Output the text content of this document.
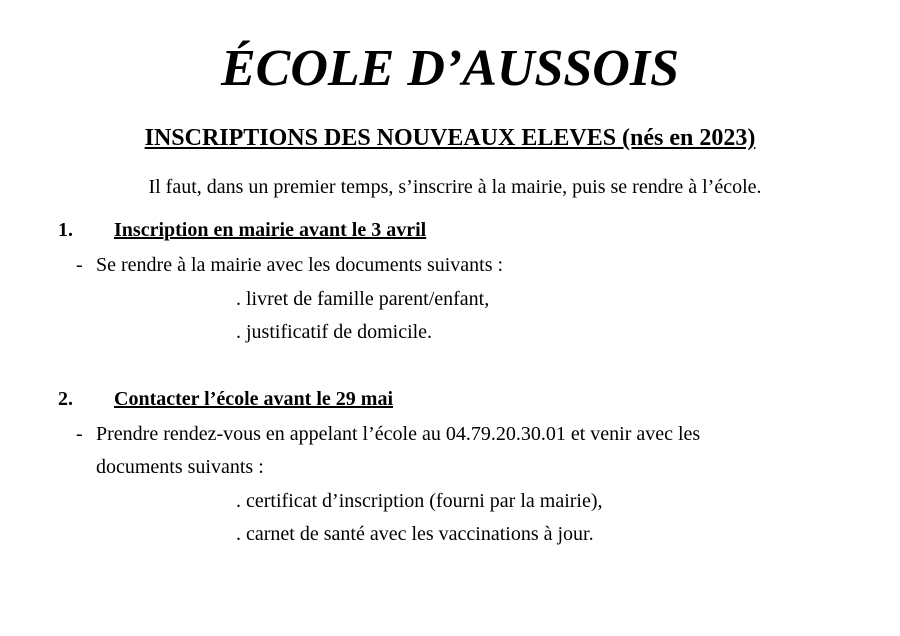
ÉCOLE D’AUSSOIS
INSCRIPTIONS DES NOUVEAUX ELEVES (nés en 2023)
Il faut, dans un premier temps, s’inscrire à la mairie, puis se rendre à l’école.
1. Inscription en mairie avant le 3 avril
- Se rendre à la mairie avec les documents suivants :
. livret de famille parent/enfant,
. justificatif de domicile.
2. Contacter l’école avant le 29 mai
- Prendre rendez-vous en appelant l’école au 04.79.20.30.01 et venir avec les
documents suivants :
. certificat d’inscription (fourni par la mairie),
. carnet de santé avec les vaccinations à jour.
